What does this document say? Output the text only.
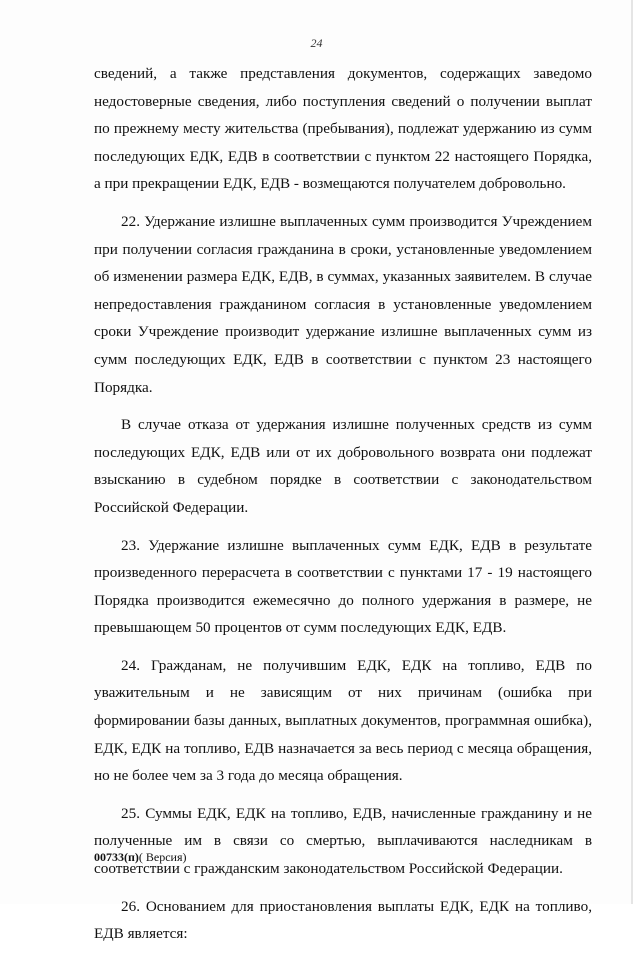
24

сведений, а также представления документов, содержащих заведомо недостоверные сведения, либо поступления сведений о получении выплат по прежнему месту жительства (пребывания), подлежат удержанию из сумм последующих ЕДК, ЕДВ в соответствии с пунктом 22 настоящего Порядка, а при прекращении ЕДК, ЕДВ - возмещаются получателем добровольно.

22. Удержание излишне выплаченных сумм производится Учреждением при получении согласия гражданина в сроки, установленные уведомлением об изменении размера ЕДК, ЕДВ, в суммах, указанных заявителем. В случае непредоставления гражданином согласия в установленные уведомлением сроки Учреждение производит удержание излишне выплаченных сумм из сумм последующих ЕДК, ЕДВ в соответствии с пунктом 23 настоящего Порядка.

В случае отказа от удержания излишне полученных средств из сумм последующих ЕДК, ЕДВ или от их добровольного возврата они подлежат взысканию в судебном порядке в соответствии с законодательством Российской Федерации.

23. Удержание излишне выплаченных сумм ЕДК, ЕДВ в результате произведенного перерасчета в соответствии с пунктами 17 - 19 настоящего Порядка производится ежемесячно до полного удержания в размере, не превышающем 50 процентов от сумм последующих ЕДК, ЕДВ.

24. Гражданам, не получившим ЕДК, ЕДК на топливо, ЕДВ по уважительным и не зависящим от них причинам (ошибка при формировании базы данных, выплатных документов, программная ошибка), ЕДК, ЕДК на топливо, ЕДВ назначается за весь период с месяца обращения, но не более чем за 3 года до месяца обращения.

25. Суммы ЕДК, ЕДК на топливо, ЕДВ, начисленные гражданину и не полученные им в связи со смертью, выплачиваются наследникам в соответствии с гражданским законодательством Российской Федерации.

26. Основанием для приостановления выплаты ЕДК, ЕДК на топливо, ЕДВ является:

00733(п)( Версия)
